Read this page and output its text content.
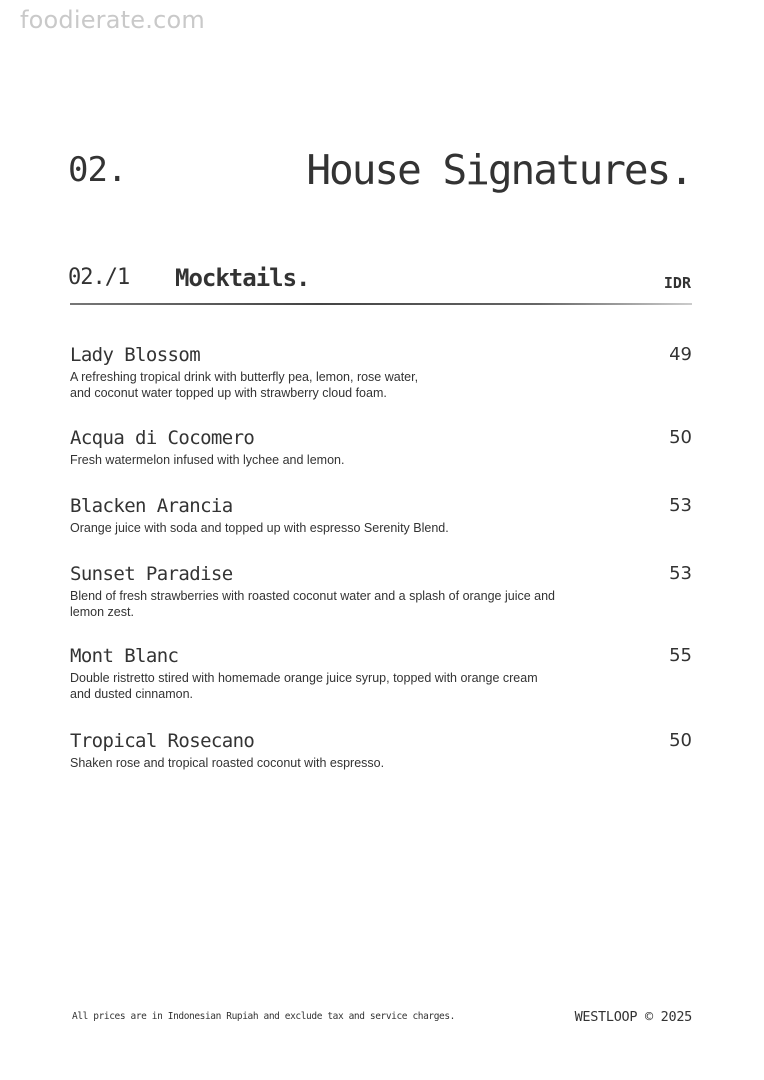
foodierate.com
02.	House Signatures.
02./1 Mocktails.	IDR
Lady Blossom
A refreshing tropical drink with butterfly pea, lemon, rose water,
and coconut water topped up with strawberry cloud foam.
49
Acqua di Cocomero
Fresh watermelon infused with lychee and lemon.
50
Blacken Arancia
Orange juice with soda and topped up with espresso Serenity Blend.
53
Sunset Paradise
Blend of fresh strawberries with roasted coconut water and a splash of orange juice and
lemon zest.
53
Mont Blanc
Double ristretto stired with homemade orange juice syrup, topped with orange cream
and dusted cinnamon.
55
Tropical Rosecano
Shaken rose and tropical roasted coconut with espresso.
50
All prices are in Indonesian Rupiah and exclude tax and service charges.	WESTLOOP © 2025
